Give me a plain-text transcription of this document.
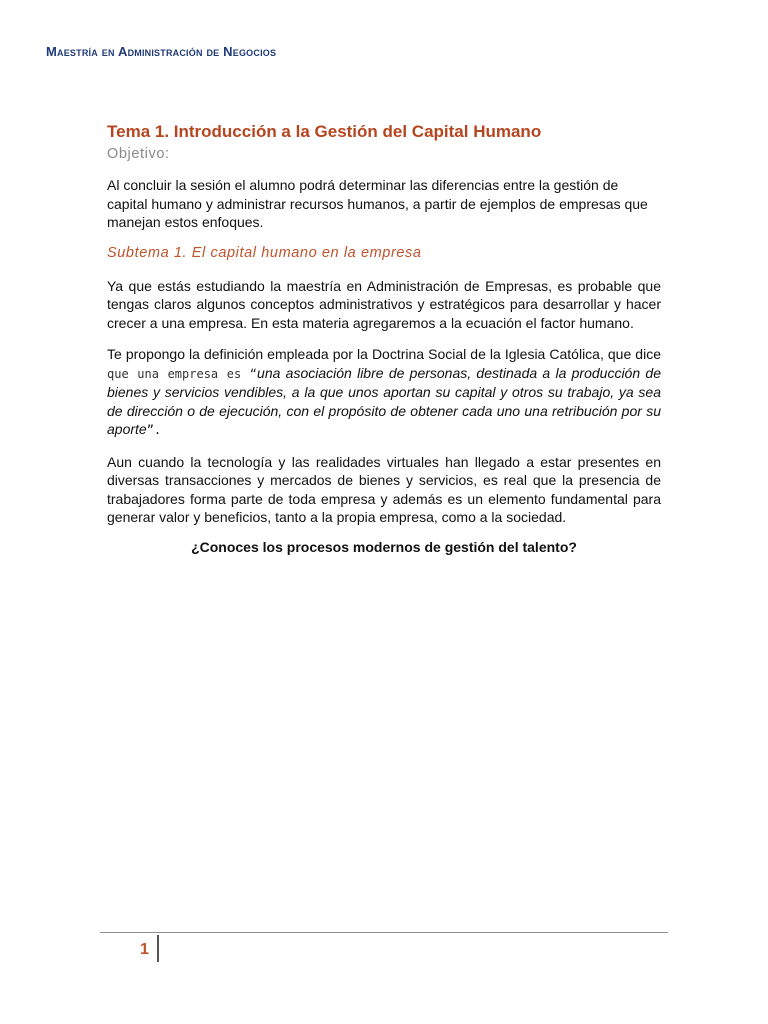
Maestría en Administración de Negocios
Tema 1. Introducción a la Gestión del Capital Humano
Objetivo:

Al concluir la sesión el alumno podrá determinar las diferencias entre la gestión de capital humano y administrar recursos humanos, a partir de ejemplos de empresas que manejan estos enfoques.

Subtema 1. El capital humano en la empresa

Ya que estás estudiando la maestría en Administración de Empresas, es probable que tengas claros algunos conceptos administrativos y estratégicos para desarrollar y hacer crecer a una empresa. En esta materia agregaremos a la ecuación el factor humano.

Te propongo la definición empleada por la Doctrina Social de la Iglesia Católica, que dice que una empresa es “una asociación libre de personas, destinada a la producción de bienes y servicios vendibles, a la que unos aportan su capital y otros su trabajo, ya sea de dirección o de ejecución, con el propósito de obtener cada uno una retribución por su aporte”.

Aun cuando la tecnología y las realidades virtuales han llegado a estar presentes en diversas transacciones y mercados de bienes y servicios, es real que la presencia de trabajadores forma parte de toda empresa y además es un elemento fundamental para generar valor y beneficios, tanto a la propia empresa, como a la sociedad.

¿Conoces los procesos modernos de gestión del talento?

1
